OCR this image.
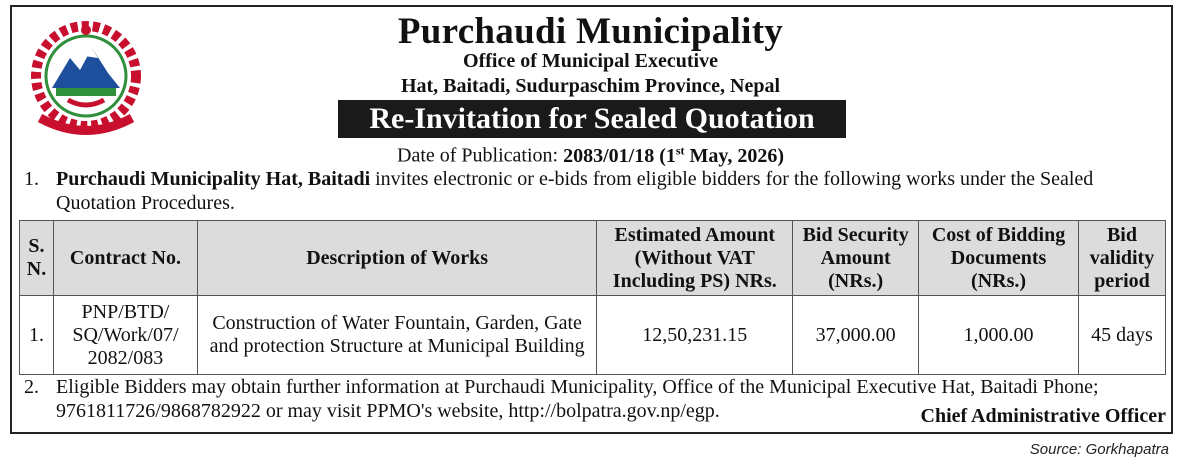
Purchaudi Municipality
Office of Municipal Executive
Hat, Baitadi, Sudurpaschim Province, Nepal
Re-Invitation for Sealed Quotation
Date of Publication: 2083/01/18 (1st May, 2026)
1. Purchaudi Municipality Hat, Baitadi invites electronic or e-bids from eligible bidders for the following works under the Sealed Quotation Procedures.
S. N.	Contract No.	Description of Works	Estimated Amount (Without VAT Including PS) NRs.	Bid Security Amount (NRs.)	Cost of Bidding Documents (NRs.)	Bid validity period
1.	PNP/BTD/ SQ/Work/07/ 2082/083	Construction of Water Fountain, Garden, Gate and protection Structure at Municipal Building	12,50,231.15	37,000.00	1,000.00	45 days
2. Eligible Bidders may obtain further information at Purchaudi Municipality, Office of the Municipal Executive Hat, Baitadi Phone; 9761811726/9868782922 or may visit PPMO's website, http://bolpatra.gov.np/egp.	Chief Administrative Officer
Source: Gorkhapatra
